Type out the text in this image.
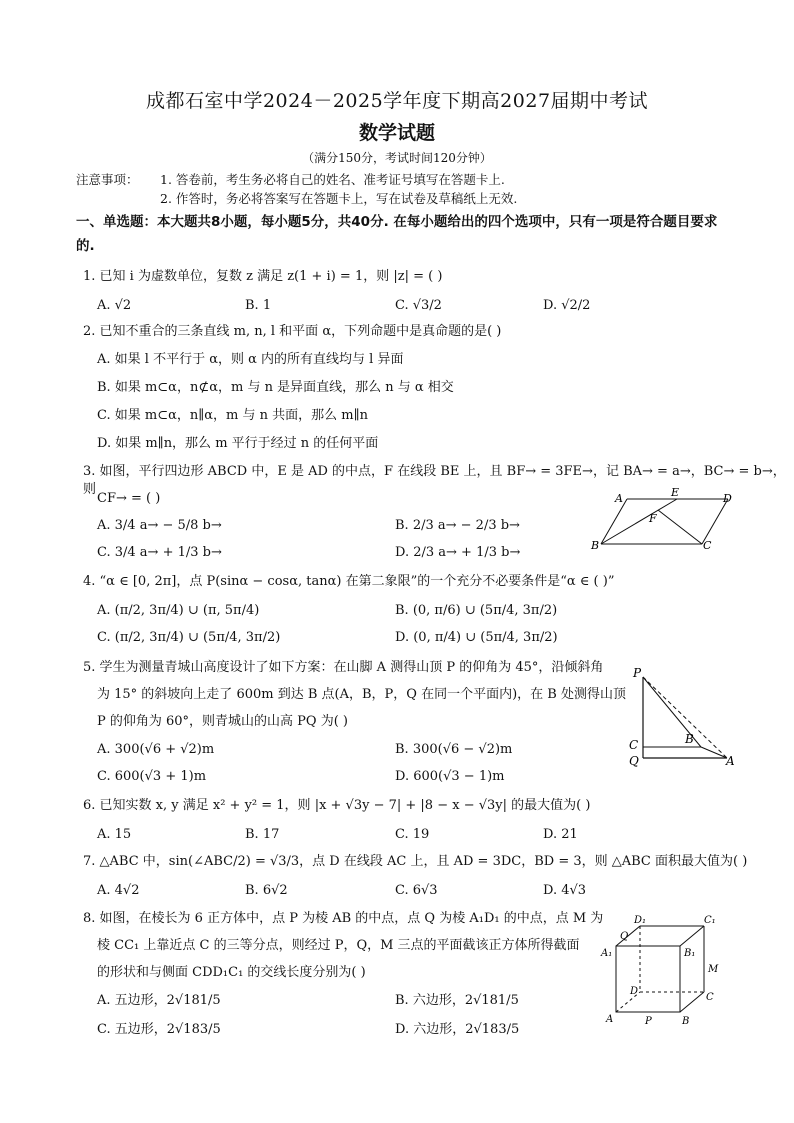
成都石室中学2024－2025学年度下期高2027届期中考试
数学试题
（满分150分，考试时间120分钟）
注意事项： 1. 答卷前，考生务必将自己的姓名、准考证号填写在答题卡上.
2. 作答时，务必将答案写在答题卡上，写在试卷及草稿纸上无效.
一、单选题：本大题共8小题，每小题5分，共40分. 在每小题给出的四个选项中，只有一项是符合题目要求的.
1. 已知 i 为虚数单位，复数 z 满足 z(1 + i) = 1，则 |z| = ( )
A. √2	B. 1	C. √3/2	D. √2/2
2. 已知不重合的三条直线 m, n, l 和平面 α，下列命题中是真命题的是( )
A. 如果 l 不平行于 α，则 α 内的所有直线均与 l 异面
B. 如果 m⊂α，n⊄α，m 与 n 是异面直线，那么 n 与 α 相交
C. 如果 m⊂α，n∥α，m 与 n 共面，那么 m∥n
D. 如果 m∥n，那么 m 平行于经过 n 的任何平面
3. 如图，平行四边形 ABCD 中，E 是 AD 的中点，F 在线段 BE 上，且 BF→ = 3FE→，记 BA→ = a→，BC→ = b→，则
CF→ = ( )
A. 3/4 a→ − 5/8 b→	B. 2/3 a→ − 2/3 b→
C. 3/4 a→ + 1/3 b→	D. 2/3 a→ + 1/3 b→
A	E	D
F
B	C
4. “α ∈ [0, 2π]，点 P(sinα − cosα, tanα) 在第二象限”的一个充分不必要条件是“α ∈ ( )”
A. (π/2, 3π/4) ∪ (π, 5π/4)	B. (0, π/6) ∪ (5π/4, 3π/2)
C. (π/2, 3π/4) ∪ (5π/4, 3π/2)	D. (0, π/4) ∪ (5π/4, 3π/2)
5. 学生为测量青城山高度设计了如下方案：在山脚 A 测得山顶 P 的仰角为 45°，沿倾斜角
为 15° 的斜坡向上走了 600m 到达 B 点(A，B，P，Q 在同一个平面内)，在 B 处测得山顶
P 的仰角为 60°，则青城山的山高 PQ 为( )
A. 300(√6 + √2)m	B. 300(√6 − √2)m
C. 600(√3 + 1)m	D. 600(√3 − 1)m
P
C	B
Q	A
6. 已知实数 x, y 满足 x² + y² = 1，则 |x + √3y − 7| + |8 − x − √3y| 的最大值为( )
A. 15	B. 17	C. 19	D. 21
7. △ABC 中，sin(∠ABC/2) = √3/3，点 D 在线段 AC 上，且 AD = 3DC，BD = 3，则 △ABC 面积最大值为( )
A. 4√2	B. 6√2	C. 6√3	D. 4√3
8. 如图，在棱长为 6 正方体中，点 P 为棱 AB 的中点，点 Q 为棱 A₁D₁ 的中点，点 M 为
棱 CC₁ 上靠近点 C 的三等分点，则经过 P，Q，M 三点的平面截该正方体所得截面
的形状和与侧面 CDD₁C₁ 的交线长度分别为( )
A. 五边形，2√181/5	B. 六边形，2√181/5
C. 五边形，2√183/5	D. 六边形，2√183/5
D₁	C₁
Q
A₁	B₁
M
D
C
A	P	B
